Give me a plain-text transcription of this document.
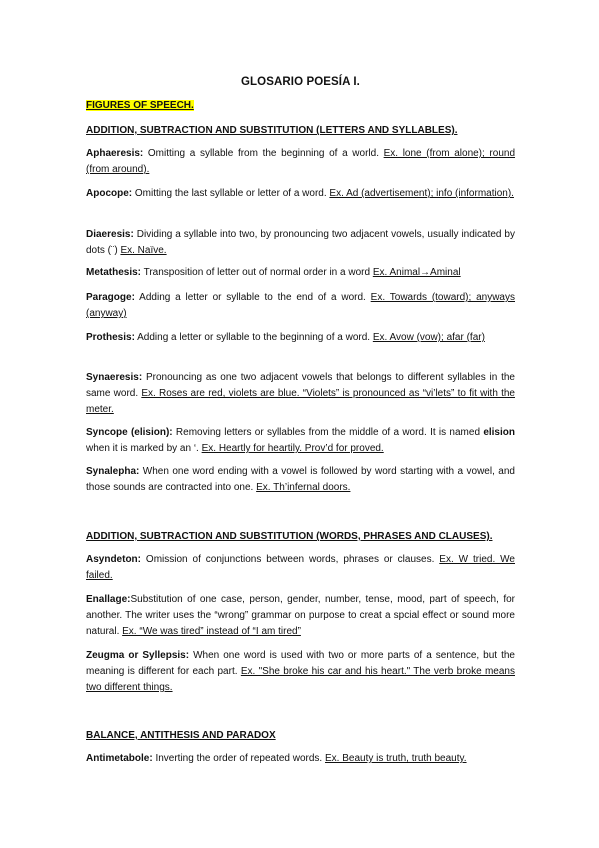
GLOSARIO POESÍA I.
FIGURES OF SPEECH.
ADDITION, SUBTRACTION AND SUBSTITUTION (LETTERS AND SYLLABLES).
Aphaeresis: Omitting a syllable from the beginning of a world. Ex. lone (from alone); round (from around).
Apocope: Omitting the last syllable or letter of a word. Ex. Ad (advertisement); info (information).
Diaeresis: Dividing a syllable into two, by pronouncing two adjacent vowels, usually indicated by dots (¨) Ex. Naïve.
Metathesis: Transposition of letter out of normal order in a word Ex. Animal→Aminal
Paragoge: Adding a letter or syllable to the end of a word. Ex. Towards (toward); anyways (anyway)
Prothesis: Adding a letter or syllable to the beginning of a word. Ex. Avow (vow); afar (far)
Synaeresis: Pronouncing as one two adjacent vowels that belongs to different syllables in the same word. Ex. Roses are red, violets are blue. “Violets” is pronounced as “vi’lets” to fit with the meter.
Syncope (elision): Removing letters or syllables from the middle of a word. It is named elision when it is marked by an ‘. Ex. Heartly for heartily. Prov’d for proved.
Synalepha: When one word ending with a vowel is followed by word starting with a vowel, and those sounds are contracted into one. Ex. Th’infernal doors.
ADDITION, SUBTRACTION AND SUBSTITUTION (WORDS, PHRASES AND CLAUSES).
Asyndeton: Omission of conjunctions between words, phrases or clauses. Ex. W tried. We failed.
Enallage:Substitution of one case, person, gender, number, tense, mood, part of speech, for another. The writer uses the “wrong” grammar on purpose to creat a spcial effect or sound more natural. Ex. “We was tired” instead of “I am tired”
Zeugma or Syllepsis: When one word is used with two or more parts of a sentence, but the meaning is different for each part. Ex. "She broke his car and his heart." The verb broke means two different things.
BALANCE, ANTITHESIS AND PARADOX
Antimetabole: Inverting the order of repeated words. Ex. Beauty is truth, truth beauty.
